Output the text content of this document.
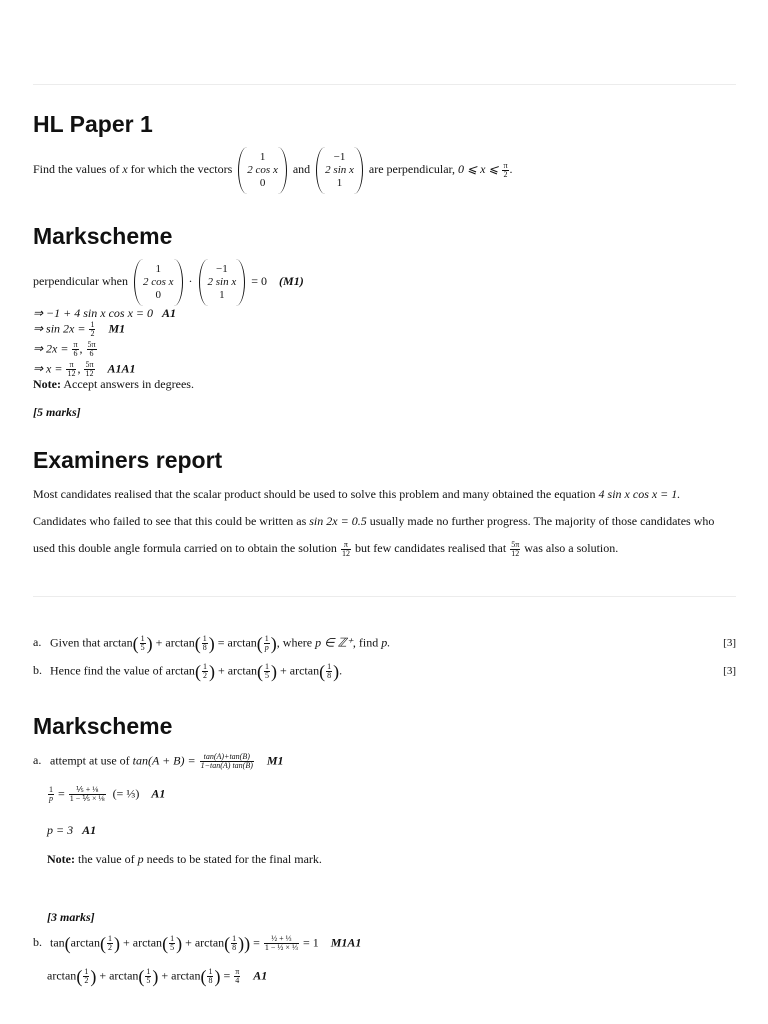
HL Paper 1
Find the values of x for which the vectors
1
2 cos x
0
and
−1
2 sin x
1
are perpendicular, 0 ⩽ x ⩽ $\frac{\pi}{2}$ .
Markscheme
perpendicular when
1
2 cos x
0
·
−1
2 sin x
1
= 0 (M1)
⇒ −1 + 4 sin x cos x = 0 A1
⇒ $\sin 2x = \frac{1}{2} M1$
⇒ $2x = \frac{\pi}{6}$ , $\frac{5\pi}{6}$
⇒ $x = \frac{\pi}{12}$ , $\frac{5\pi}{12} A1A1$
Note: Accept answers in degrees.
[5 marks]
Examiners report
Most candidates realised that the scalar product should be used to solve this problem and many obtained the equation 4 sin x cos x = 1.
Candidates who failed to see that this could be written as sin 2x = 0.5 usually made no further progress. The majority of those candidates who
used this double angle formula carried on to obtain the solution $\frac{\pi}{12}$ but few candidates realised that $\frac{5\pi}{12}$ was also a solution.
a. Given that $\arctan( \frac{1}{5}$ ) + $\arctan( \frac{1}{8}$ ) = $\arctan( \frac{1}{p}$ ), where p ∈ ℤ⁺, find p.	[3]
b. Hence find the value of $\arctan( \frac{1}{2}$ ) + $\arctan( \frac{1}{5}$ ) + $\arctan( \frac{1}{8}$ ).	[3]
Markscheme
a. attempt at use of $\tan(A + B) = \frac{\tan(A)+\tan(B)}{1-\tan(A) \tan(B)} M1$
$\frac{1}{p} = \frac{\text{⅕ + ⅛}}{\text{1 − ⅕ × ⅛}}$ (= ⅓) A1
p = 3 A1
Note: the value of p needs to be stated for the final mark.
[3 marks]
b. $\tan(\arctan( \frac{1}{2}$ ) + $\arctan( \frac{1}{5}$ ) + $\arctan( \frac{1}{8}$ )) = $\frac{\text{½ + ⅓}}{\text{1 − ½ × ⅓}} = 1$ M1A1
$\arctan( \frac{1}{2}$ ) + $\arctan( \frac{1}{5}$ ) + $\arctan( \frac{1}{8}$ ) = $\frac{\pi}{4} A1$
